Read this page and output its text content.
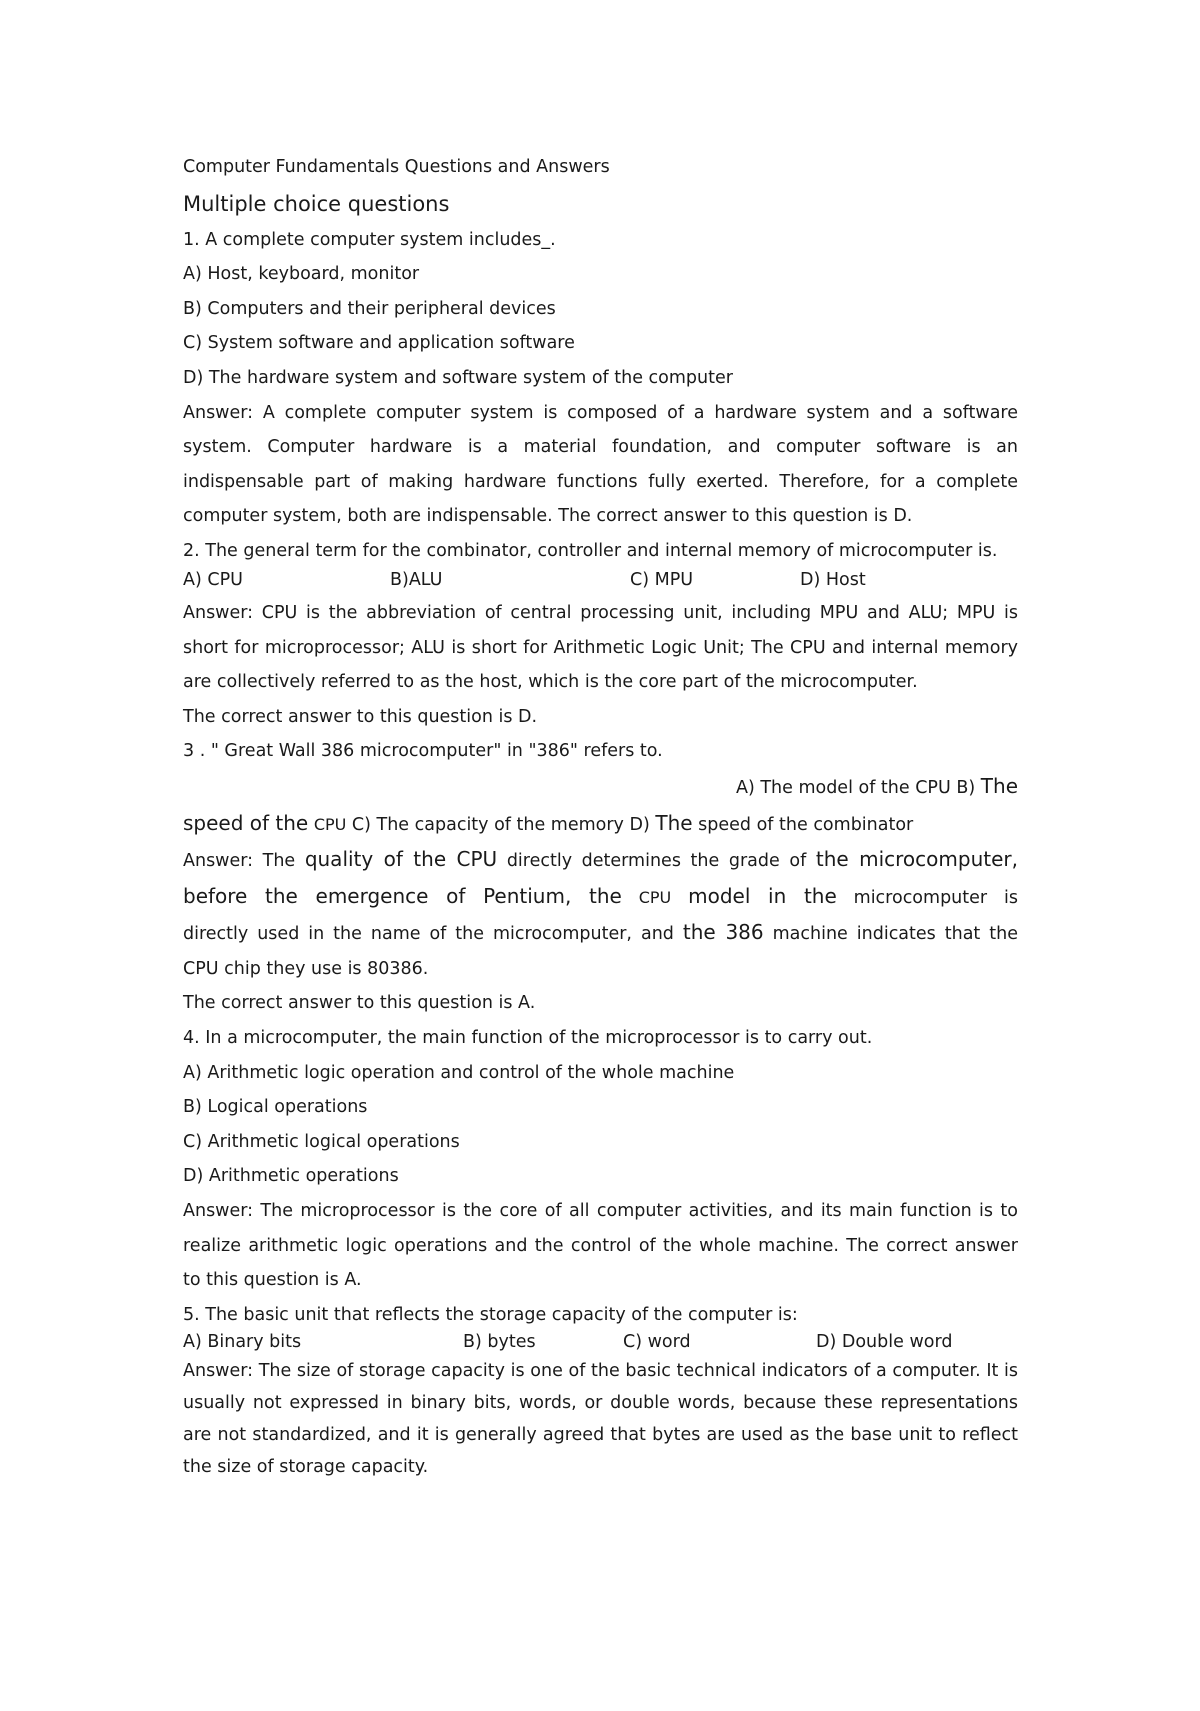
Computer Fundamentals Questions and Answers

Multiple choice questions

1. A complete computer system includes_.

A) Host, keyboard, monitor

B) Computers and their peripheral devices

C) System software and application software

D) The hardware system and software system of the computer

Answer: A complete computer system is composed of a hardware system and a software system. Computer hardware is a material foundation, and computer software is an indispensable part of making hardware functions fully exerted. Therefore, for a complete computer system, both are indispensable. The correct answer to this question is D.

2. The general term for the combinator, controller and internal memory of microcomputer is.

A) CPU	B)ALU	C) MPU	D) Host

Answer: CPU is the abbreviation of central processing unit, including MPU and ALU; MPU is short for microprocessor; ALU is short for Arithmetic Logic Unit; The CPU and internal memory are collectively referred to as the host, which is the core part of the microcomputer.

The correct answer to this question is D.

3 . " Great Wall 386 microcomputer" in "386" refers to.

A) The model of the CPU B) The

speed of the CPU C) The capacity of the memory D) The speed of the combinator

Answer: The quality of the CPU directly determines the grade of the microcomputer,

before the emergence of Pentium, the CPU model in the microcomputer is

directly used in the name of the microcomputer, and the 386 machine indicates that the

CPU chip they use is 80386.

The correct answer to this question is A.

4. In a microcomputer, the main function of the microprocessor is to carry out.

A) Arithmetic logic operation and control of the whole machine

B) Logical operations

C) Arithmetic logical operations

D) Arithmetic operations

Answer: The microprocessor is the core of all computer activities, and its main function is to realize arithmetic logic operations and the control of the whole machine. The correct answer to this question is A.

5. The basic unit that reflects the storage capacity of the computer is:

A) Binary bits	B) bytes	C) word	D) Double word

Answer: The size of storage capacity is one of the basic technical indicators of a computer. It is usually not expressed in binary bits, words, or double words, because these representations are not standardized, and it is generally agreed that bytes are used as the base unit to reflect the size of storage capacity.
